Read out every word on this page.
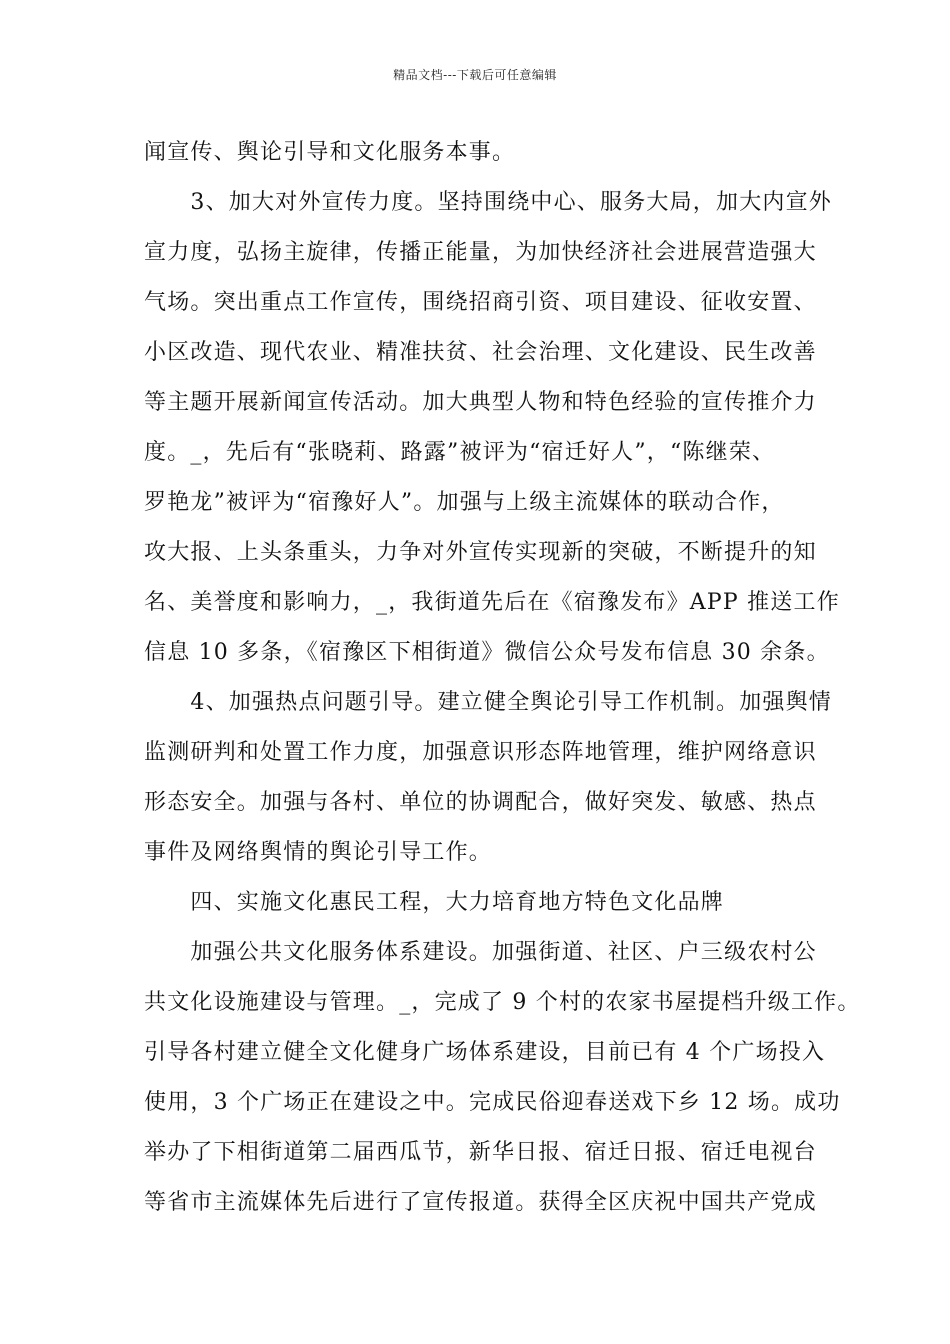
精品文档---下载后可任意编辑
闻宣传、舆论引导和文化服务本事。
　　3、加大对外宣传力度。坚持围绕中心、服务大局，加大内宣外
宣力度，弘扬主旋律，传播正能量，为加快经济社会进展营造强大
气场。突出重点工作宣传，围绕招商引资、项目建设、征收安置、
小区改造、现代农业、精准扶贫、社会治理、文化建设、民生改善
等主题开展新闻宣传活动。加大典型人物和特色经验的宣传推介力
度。_，先后有“张晓莉、路露”被评为“宿迁好人”，“陈继荣、
罗艳龙”被评为“宿豫好人”。加强与上级主流媒体的联动合作，
攻大报、上头条重头，力争对外宣传实现新的突破，不断提升的知
名、美誉度和影响力，_，我街道先后在《宿豫发布》APP 推送工作
信息 10 多条，《宿豫区下相街道》微信公众号发布信息 30 余条。
　　4、加强热点问题引导。建立健全舆论引导工作机制。加强舆情
监测研判和处置工作力度，加强意识形态阵地管理，维护网络意识
形态安全。加强与各村、单位的协调配合，做好突发、敏感、热点
事件及网络舆情的舆论引导工作。
　　四、实施文化惠民工程，大力培育地方特色文化品牌
　　加强公共文化服务体系建设。加强街道、社区、户三级农村公
共文化设施建设与管理。_，完成了 9 个村的农家书屋提档升级工作。
引导各村建立健全文化健身广场体系建设，目前已有 4 个广场投入
使用，3 个广场正在建设之中。完成民俗迎春送戏下乡 12 场。成功
举办了下相街道第二届西瓜节，新华日报、宿迁日报、宿迁电视台
等省市主流媒体先后进行了宣传报道。获得全区庆祝中国共产党成
